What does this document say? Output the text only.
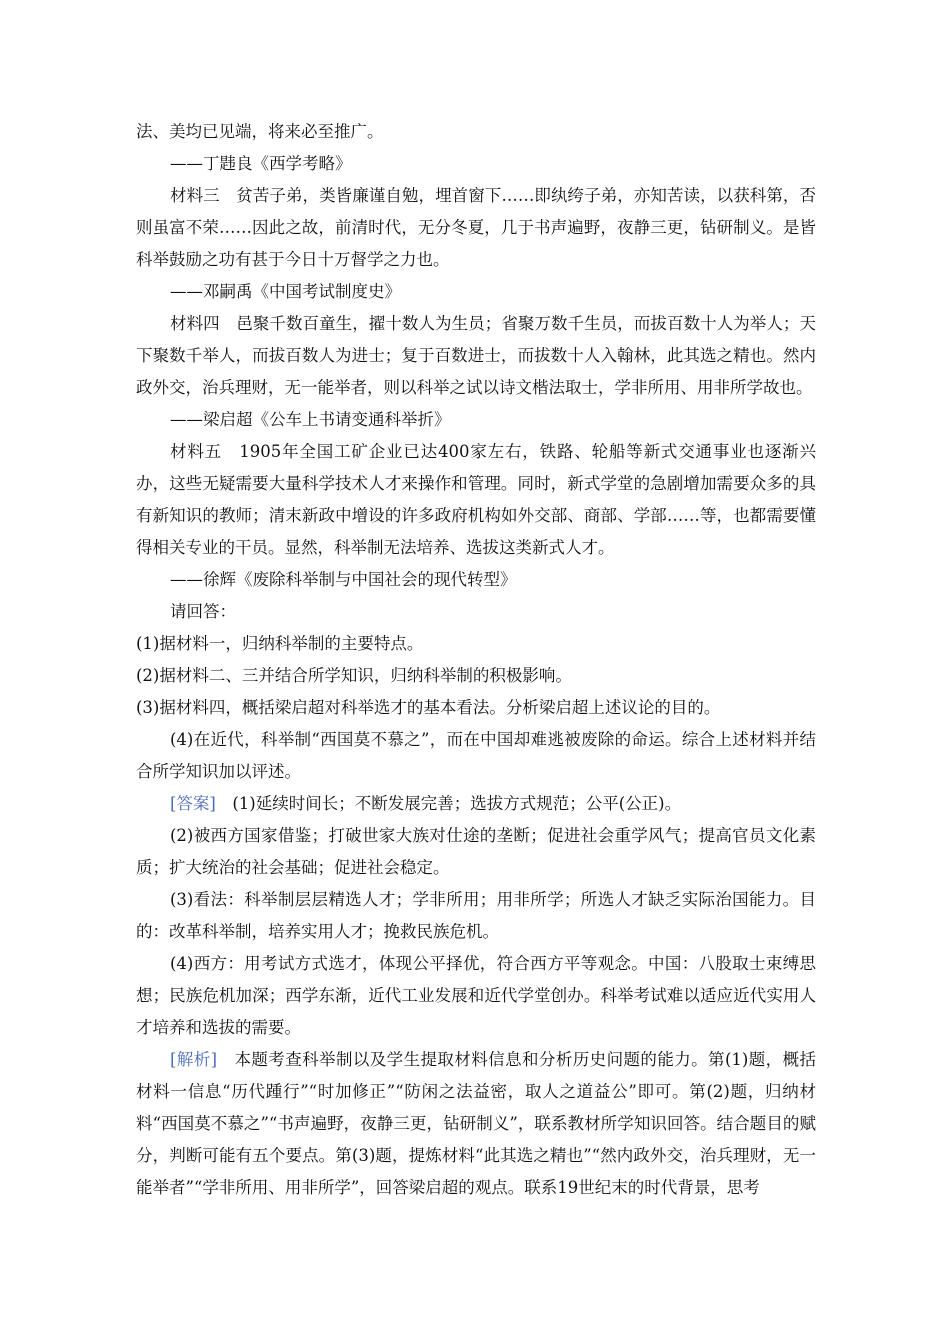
法、美均已见端，将来必至推广。

——丁韪良《西学考略》

材料三　贫苦子弟，类皆廉谨自勉，埋首窗下……即纨绔子弟，亦知苦读，以获科第，否则虽富不荣……因此之故，前清时代，无分冬夏，几于书声遍野，夜静三更，钻研制义。是皆科举鼓励之功有甚于今日十万督学之力也。

——邓嗣禹《中国考试制度史》

材料四　邑聚千数百童生，擢十数人为生员；省聚万数千生员，而拔百数十人为举人；天下聚数千举人，而拔百数人为进士；复于百数进士，而拔数十人入翰林，此其选之精也。然内政外交，治兵理财，无一能举者，则以科举之试以诗文楷法取士，学非所用、用非所学故也。

——梁启超《公车上书请变通科举折》

材料五　1905年全国工矿企业已达400家左右，铁路、轮船等新式交通事业也逐渐兴办，这些无疑需要大量科学技术人才来操作和管理。同时，新式学堂的急剧增加需要众多的具有新知识的教师；清末新政中增设的许多政府机构如外交部、商部、学部……等，也都需要懂得相关专业的干员。显然，科举制无法培养、选拔这类新式人才。

——徐辉《废除科举制与中国社会的现代转型》

请回答：

(1)据材料一，归纳科举制的主要特点。

(2)据材料二、三并结合所学知识，归纳科举制的积极影响。

(3)据材料四，概括梁启超对科举选才的基本看法。分析梁启超上述议论的目的。

(4)在近代，科举制“西国莫不慕之”，而在中国却难逃被废除的命运。综合上述材料并结合所学知识加以评述。

[答案]　(1)延续时间长；不断发展完善；选拔方式规范；公平(公正)。

(2)被西方国家借鉴；打破世家大族对仕途的垄断；促进社会重学风气；提高官员文化素质；扩大统治的社会基础；促进社会稳定。

(3)看法：科举制层层精选人才；学非所用；用非所学；所选人才缺乏实际治国能力。目的：改革科举制，培养实用人才；挽救民族危机。

(4)西方：用考试方式选才，体现公平择优，符合西方平等观念。中国：八股取士束缚思想；民族危机加深；西学东渐，近代工业发展和近代学堂创办。科举考试难以适应近代实用人才培养和选拔的需要。

[解析]　本题考查科举制以及学生提取材料信息和分析历史问题的能力。第(1)题，概括材料一信息“历代踵行”“时加修正”“防闲之法益密，取人之道益公”即可。第(2)题，归纳材料“西国莫不慕之”“书声遍野，夜静三更，钻研制义”，联系教材所学知识回答。结合题目的赋分，判断可能有五个要点。第(3)题，提炼材料“此其选之精也”“然内政外交，治兵理财，无一能举者”“学非所用、用非所学”，回答梁启超的观点。联系19世纪末的时代背景，思考
